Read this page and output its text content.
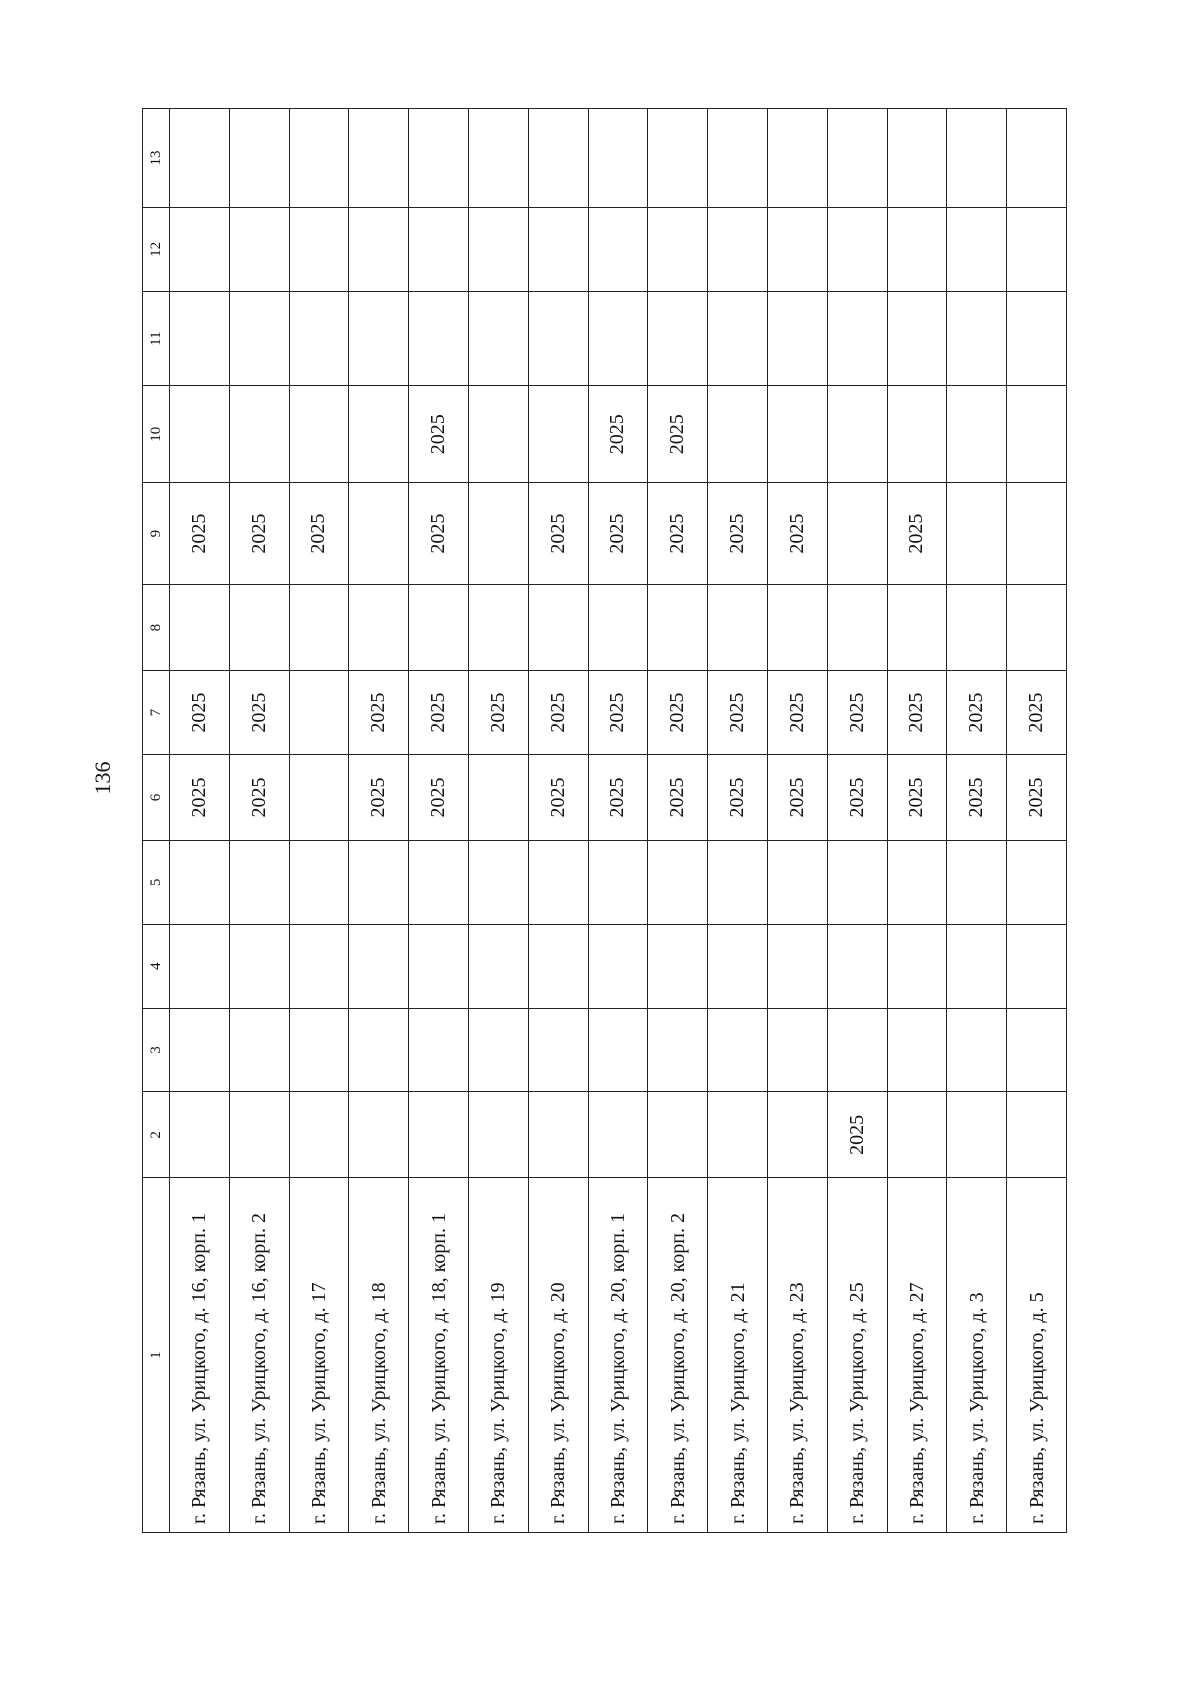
136
1	2	3	4	5	6	7	8	9	10	11	12	13
г. Рязань, ул. Урицкого, д. 16, корп. 1					2025	2025		2025				
г. Рязань, ул. Урицкого, д. 16, корп. 2					2025	2025		2025				
г. Рязань, ул. Урицкого, д. 17								2025				
г. Рязань, ул. Урицкого, д. 18					2025	2025						
г. Рязань, ул. Урицкого, д. 18, корп. 1					2025	2025		2025	2025			
г. Рязань, ул. Урицкого, д. 19						2025						
г. Рязань, ул. Урицкого, д. 20					2025	2025		2025				
г. Рязань, ул. Урицкого, д. 20, корп. 1					2025	2025		2025	2025			
г. Рязань, ул. Урицкого, д. 20, корп. 2					2025	2025		2025	2025			
г. Рязань, ул. Урицкого, д. 21					2025	2025		2025				
г. Рязань, ул. Урицкого, д. 23					2025	2025		2025				
г. Рязань, ул. Урицкого, д. 25	2025				2025	2025						
г. Рязань, ул. Урицкого, д. 27					2025	2025		2025				
г. Рязань, ул. Урицкого, д. 3					2025	2025						
г. Рязань, ул. Урицкого, д. 5					2025	2025						
